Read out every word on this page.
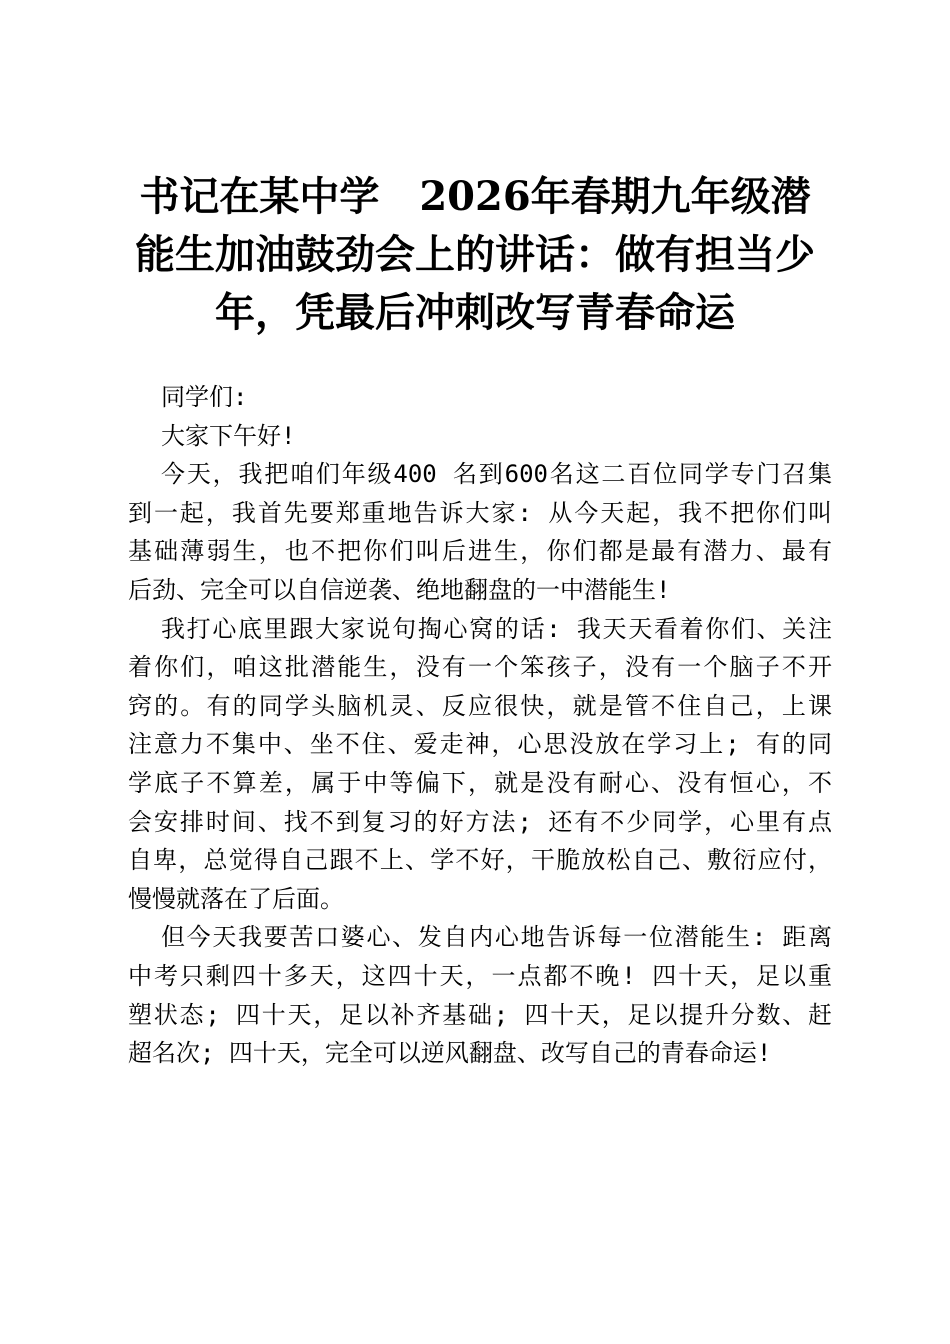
书记在某中学　2026年春期九年级潜
能生加油鼓劲会上的讲话：做有担当少
年，凭最后冲刺改写青春命运
同学们:
大家下午好!
今天，我把咱们年级400 名到600名这二百位同学专门召集
到一起，我首先要郑重地告诉大家: 从今天起，我不把你们叫
基础薄弱生，也不把你们叫后进生，你们都是最有潜力、最有
后劲、完全可以自信逆袭、绝地翻盘的一中潜能生!
我打心底里跟大家说句掏心窝的话: 我天天看着你们、关注
着你们，咱这批潜能生，没有一个笨孩子，没有一个脑子不开
窍的。有的同学头脑机灵、反应很快，就是管不住自己，上课
注意力不集中、坐不住、爱走神，心思没放在学习上; 有的同
学底子不算差，属于中等偏下，就是没有耐心、没有恒心，不
会安排时间、找不到复习的好方法; 还有不少同学，心里有点
自卑，总觉得自己跟不上、学不好，干脆放松自己、敷衍应付，
慢慢就落在了后面。
但今天我要苦口婆心、发自内心地告诉每一位潜能生: 距离
中考只剩四十多天，这四十天，一点都不晚! 四十天，足以重
塑状态; 四十天，足以补齐基础; 四十天，足以提升分数、赶
超名次; 四十天，完全可以逆风翻盘、改写自己的青春命运!
